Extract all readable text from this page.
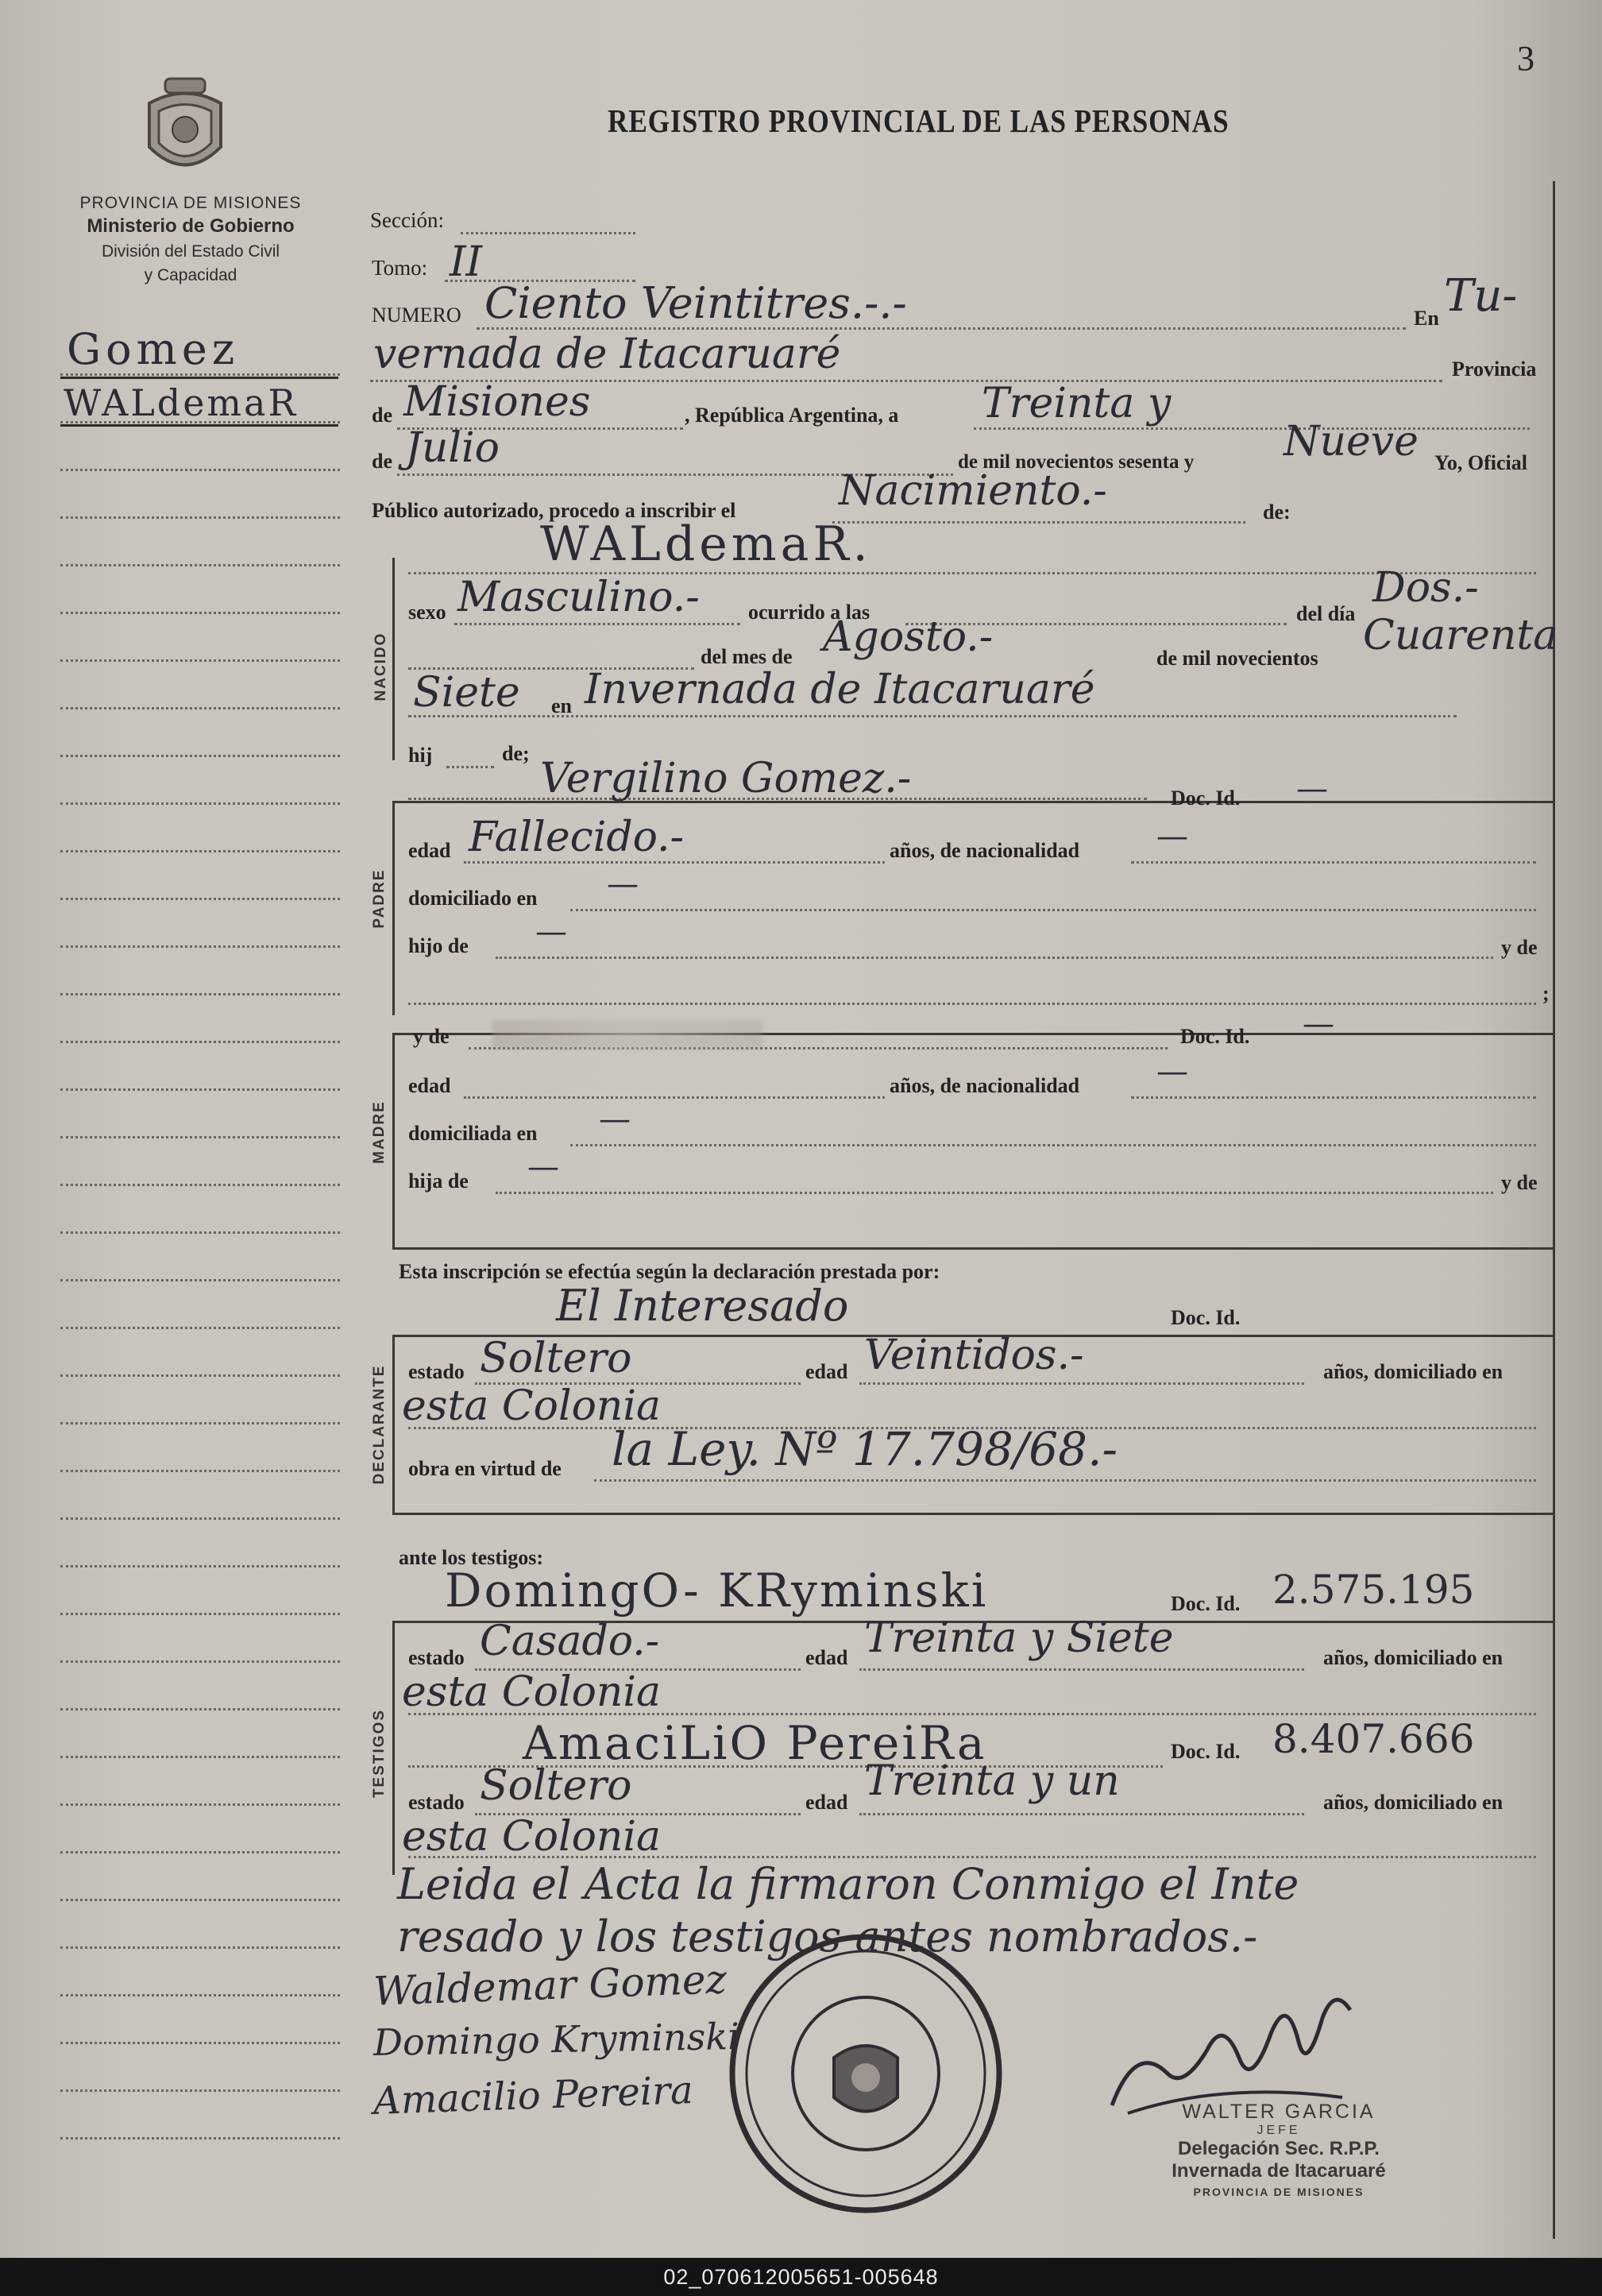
3
PROVINCIA DE MISIONES
Ministerio de Gobierno
División del Estado Civil
y Capacidad
REGISTRO PROVINCIAL DE LAS PERSONAS
Gomez
WALdemaR
Sección:
Tomo: II
NUMERO Ciento Veintitres.-.-	En Tu-
vernada de Itacaruaré	Provincia
de Misiones	, República Argentina, a Treinta y
de Julio	de mil novecientos sesenta y Nueve Yo, Oficial
Público autorizado, procedo a inscribir el Nacimiento.-	de:
NACIDO
WALdemaR.
sexo Masculino.- ocurrido a las	del día
Dos.-
del mes de Agosto.-	de mil novecientos Cuarenta
Siete en Invernada de Itacaruaré
hij	de;
PADRE
Vergilino Gomez.-	Doc. Id. —
edad Fallecido.-	años, de nacionalidad —
domiciliado en —
hijo de —	y de
;
MADRE
y de	Doc. Id. —
edad	años, de nacionalidad —
domiciliada en —
hija de —	y de
Esta inscripción se efectúa según la declaración prestada por:
DECLARANTE
El Interesado	Doc. Id.
estado Soltero	edad Veintidos.-	años, domiciliado en
esta Colonia
obra en virtud de la Ley. Nº 17.798/68.-
ante los testigos:
TESTIGOS
DomingO- KRyminski	Doc. Id. 2.575.195
estado Casado.-	edad Treinta y Siete	años, domiciliado en
esta Colonia
AmaciLiO PereiRa	Doc. Id. 8.407.666
estado Soltero	edad Treinta y un	años, domiciliado en
esta Colonia
Leida el Acta la firmaron Conmigo el Inte
resado y los testigos antes nombrados.-
Waldemar Gomez
Domingo Kryminski
Amacilio Pereira	WALTER GARCIA
JEFE
Delegación Sec. R.P.P.
Invernada de Itacaruaré
PROVINCIA DE MISIONES
02_070612005651-005648
